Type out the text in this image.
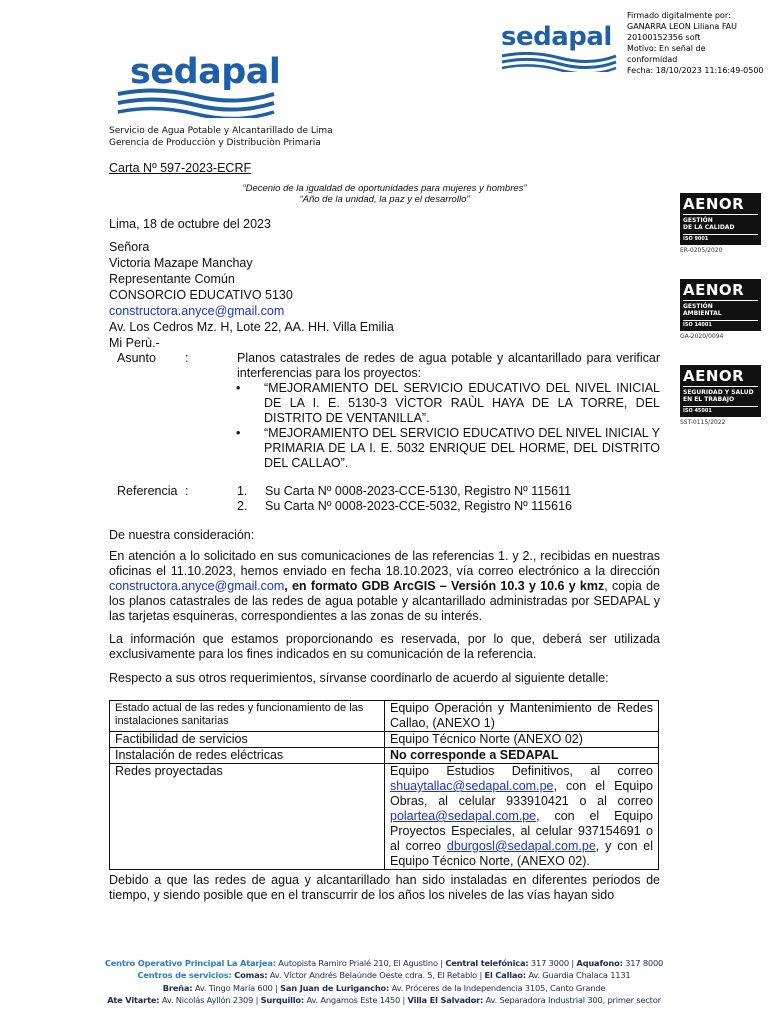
sedapal
Firmado digitalmente por:
GANARRA LEON Liliana FAU
20100152356 soft
Motivo: En señal de
conformidad
Fecha: 18/10/2023 11:16:49-0500
sedapal
Servicio de Agua Potable y Alcantarillado de Lima
Gerencia de Producciòn y Distribuciòn Primaria
AENOR
GESTIÓN
DE LA CALIDAD
ISO 9001
ER-0205/2020
AENOR
GESTIÓN
AMBIENTAL
ISO 14001
GA-2020/0094
AENOR
SEGURIDAD Y SALUD
EN EL TRABAJO
ISO 45001
SST-0115/2022
Carta Nº 597-2023-ECRF
“Decenio de la igualdad de oportunidades para mujeres y hombres”
“Año de la unidad, la paz y el desarrollo”
Lima, 18 de octubre del 2023
Señora
Victoria Mazape Manchay
Representante Común
CONSORCIO EDUCATIVO 5130
constructora.anyce@gmail.com
Av. Los Cedros Mz. H, Lote 22, AA. HH. Villa Emilia
Mi Perù.-
Asunto :	Planos catastrales de redes de agua potable y alcantarillado para verificar interferencias para los proyectos:
• “MEJORAMIENTO DEL SERVICIO EDUCATIVO DEL NIVEL INICIAL DE LA I. E. 5130-3 VÌCTOR RAÙL HAYA DE LA TORRE, DEL DISTRITO DE VENTANILLA”.
• “MEJORAMIENTO DEL SERVICIO EDUCATIVO DEL NIVEL INICIAL Y PRIMARIA DE LA I. E. 5032 ENRIQUE DEL HORME, DEL DISTRITO DEL CALLAO”.
Referencia :	1. Su Carta Nº 0008-2023-CCE-5130, Registro Nº 115611
2. Su Carta Nº 0008-2023-CCE-5032, Registro Nº 115616
De nuestra consideración:
En atención a lo solicitado en sus comunicaciones de las referencias 1. y 2., recibidas en nuestras oficinas el 11.10.2023, hemos enviado en fecha 18.10.2023, vía correo electrónico a la dirección constructora.anyce@gmail.com, en formato GDB ArcGIS – Versión 10.3 y 10.6 y kmz, copia de los planos catastrales de las redes de agua potable y alcantarillado administradas por SEDAPAL y las tarjetas esquineras, correspondientes a las zonas de su interés.
La información que estamos proporcionando es reservada, por lo que, deberá ser utilizada exclusivamente para los fines indicados en su comunicación de la referencia.
Respecto a sus otros requerimientos, sírvanse coordinarlo de acuerdo al siguiente detalle:
Estado actual de las redes y funcionamiento de las instalaciones sanitarias	Equipo Operación y Mantenimiento de Redes Callao, (ANEXO 1)
Factibilidad de servicios	Equipo Técnico Norte (ANEXO 02)
Instalación de redes eléctricas	No corresponde a SEDAPAL
Redes proyectadas	Equipo Estudios Definitivos, al correo shuaytallac@sedapal.com.pe, con el Equipo Obras, al celular 933910421 o al correo polartea@sedapal.com.pe, con el Equipo Proyectos Especiales, al celular 937154691 o al correo dburgosl@sedapal.com.pe, y con el Equipo Técnico Norte, (ANEXO 02).
Debido a que las redes de agua y alcantarillado han sido instaladas en diferentes periodos de tiempo, y siendo posible que en el transcurrir de los años los niveles de las vías hayan sido
Centro Operativo Principal La Atarjea: Autopista Ramiro Prialé 210, El Agustino | Central telefónica: 317 3000 | Aquafono: 317 8000
Centros de servicios: Comas: Av. Víctor Andrés Belaúnde Oeste cdra. 5, El Retablo | El Callao: Av. Guardia Chalaca 1131
Breña: Av. Tingo María 600 | San Juan de Lurigancho: Av. Próceres de la Independencia 3105, Canto Grande
Ate Vitarte: Av. Nicolás Ayllón 2309 | Surquillo: Av. Angamos Este 1450 | Villa El Salvador: Av. Separadora Industrial 300, primer sector
